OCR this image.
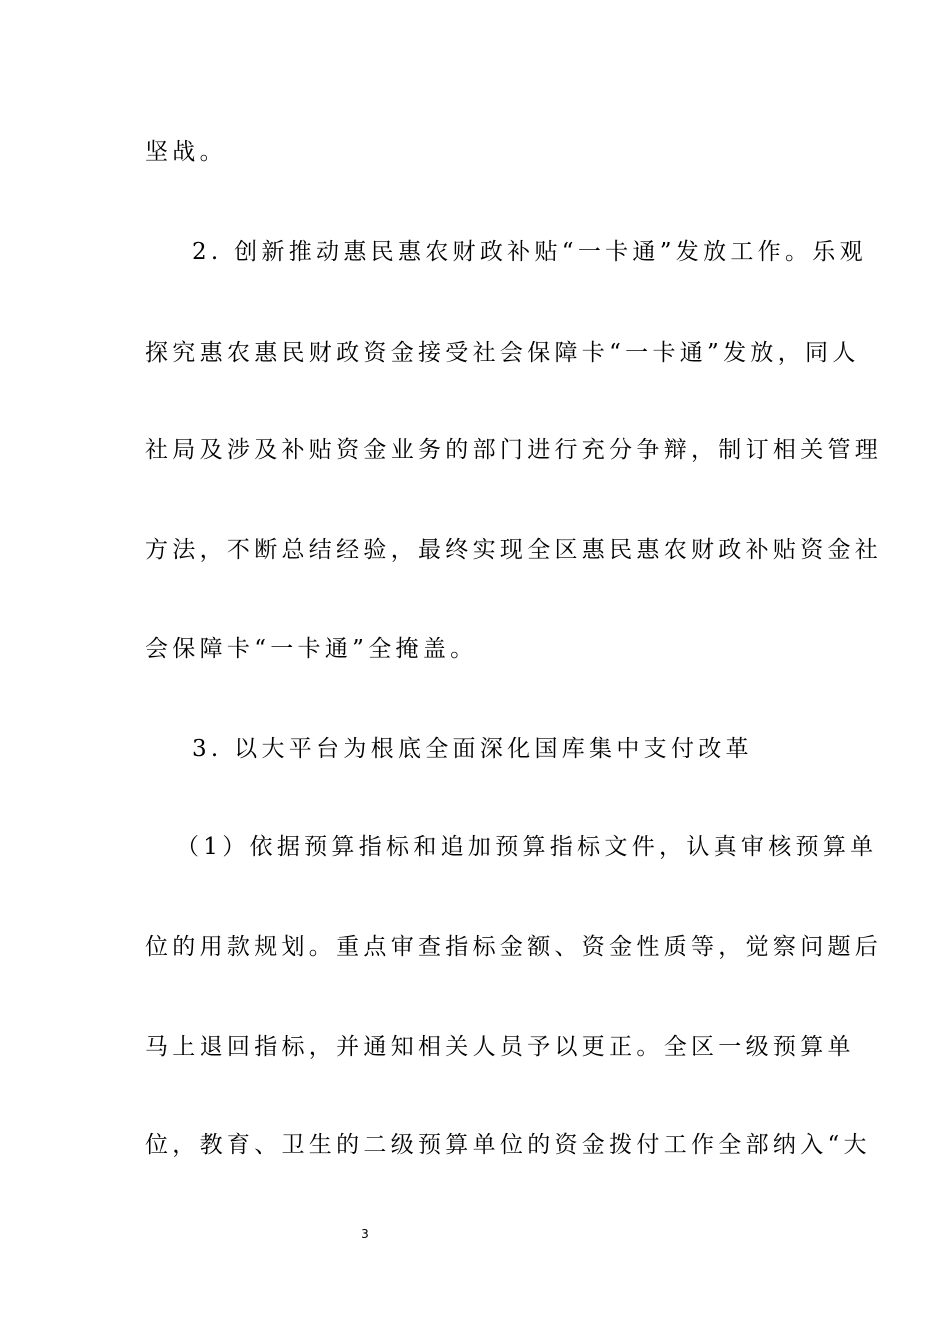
坚战。
2. 创新推动惠民惠农财政补贴“一卡通”发放工作。乐观
探究惠农惠民财政资金接受社会保障卡“一卡通”发放，同人
社局及涉及补贴资金业务的部门进行充分争辩，制订相关管理
方法，不断总结经验，最终实现全区惠民惠农财政补贴资金社
会保障卡“一卡通”全掩盖。
3. 以大平台为根底全面深化国库集中支付改革
（1）依据预算指标和追加预算指标文件，认真审核预算单
位的用款规划。重点审查指标金额、资金性质等，觉察问题后
马上退回指标，并通知相关人员予以更正。全区一级预算单
位，教育、卫生的二级预算单位的资金拨付工作全部纳入“大
3
